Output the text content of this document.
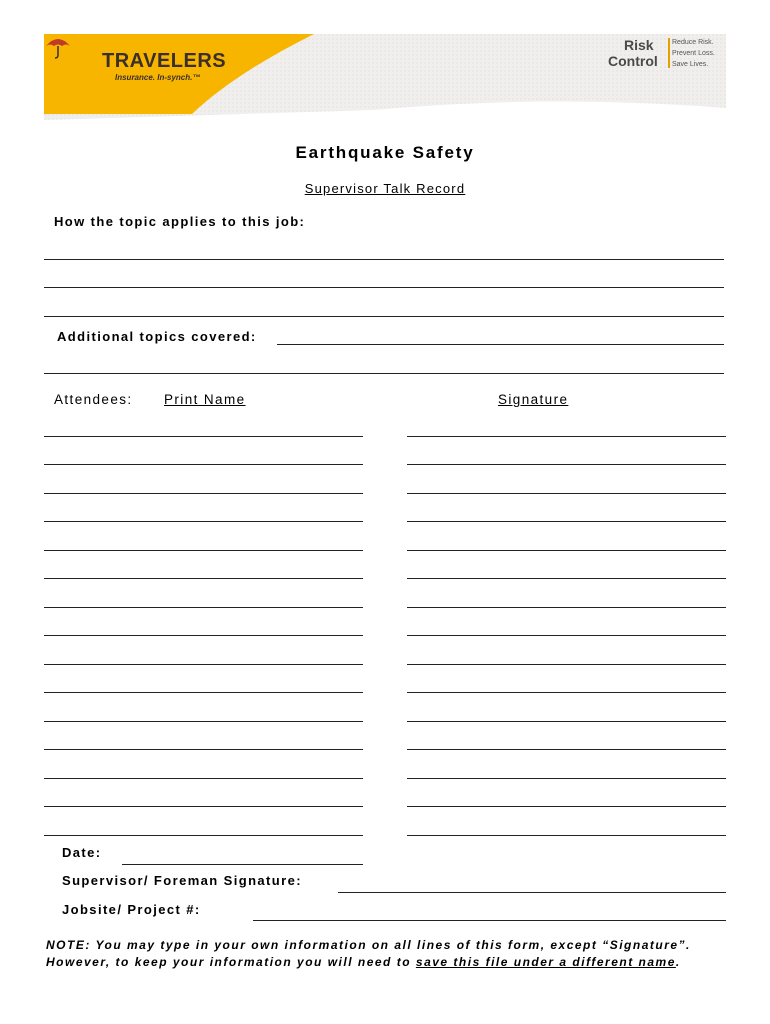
TRAVELERS
Insurance. In-synch.™
Risk
Control
Reduce Risk.
Prevent Loss.
Save Lives.
Earthquake Safety
Supervisor Talk Record
How the topic applies to this job:
Additional topics covered:
Attendees: Print Name	Signature
Date:
Supervisor/ Foreman Signature:
Jobsite/ Project #:
NOTE: You may type in your own information on all lines of this form, except “Signature”.
However, to keep your information you will need to save this file under a different name.
